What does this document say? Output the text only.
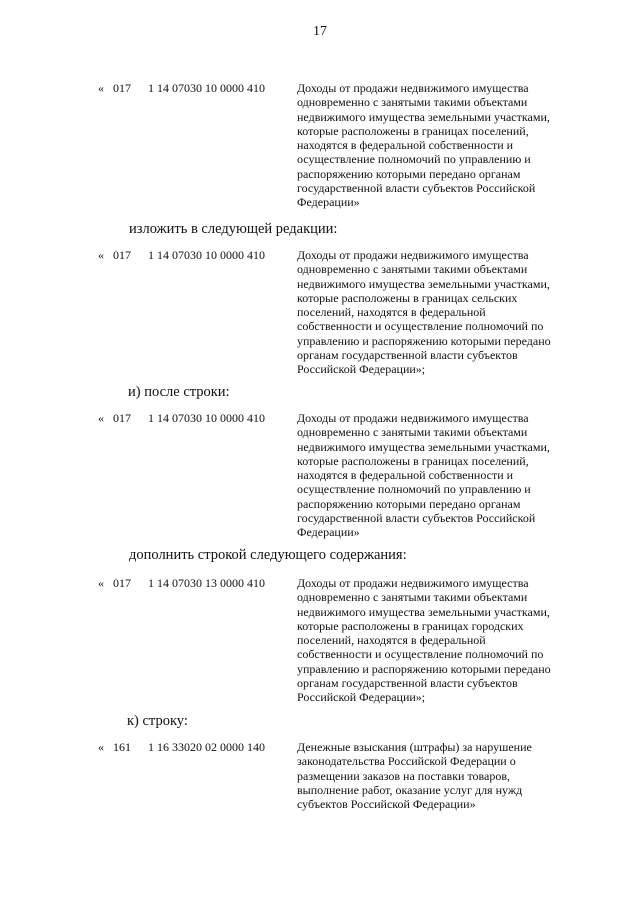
17
« 017 1 14 07030 10 0000 410	Доходы от продажи недвижимого имущества
одновременно с занятыми такими объектами
недвижимого имущества земельными участками,
которые расположены в границах поселений,
находятся в федеральной собственности и
осуществление полномочий по управлению и
распоряжению которыми передано органам
государственной власти субъектов Российской
Федерации»
изложить в следующей редакции:
« 017 1 14 07030 10 0000 410	Доходы от продажи недвижимого имущества
одновременно с занятыми такими объектами
недвижимого имущества земельными участками,
которые расположены в границах сельских
поселений, находятся в федеральной
собственности и осуществление полномочий по
управлению и распоряжению которыми передано
органам государственной власти субъектов
Российской Федерации»;
и) после строки:
« 017 1 14 07030 10 0000 410	Доходы от продажи недвижимого имущества
одновременно с занятыми такими объектами
недвижимого имущества земельными участками,
которые расположены в границах поселений,
находятся в федеральной собственности и
осуществление полномочий по управлению и
распоряжению которыми передано органам
государственной власти субъектов Российской
Федерации»
дополнить строкой следующего содержания:
« 017 1 14 07030 13 0000 410	Доходы от продажи недвижимого имущества
одновременно с занятыми такими объектами
недвижимого имущества земельными участками,
которые расположены в границах городских
поселений, находятся в федеральной
собственности и осуществление полномочий по
управлению и распоряжению которыми передано
органам государственной власти субъектов
Российской Федерации»;
к) строку:
« 161 1 16 33020 02 0000 140	Денежные взыскания (штрафы) за нарушение
законодательства Российской Федерации о
размещении заказов на поставки товаров,
выполнение работ, оказание услуг для нужд
субъектов Российской Федерации»
